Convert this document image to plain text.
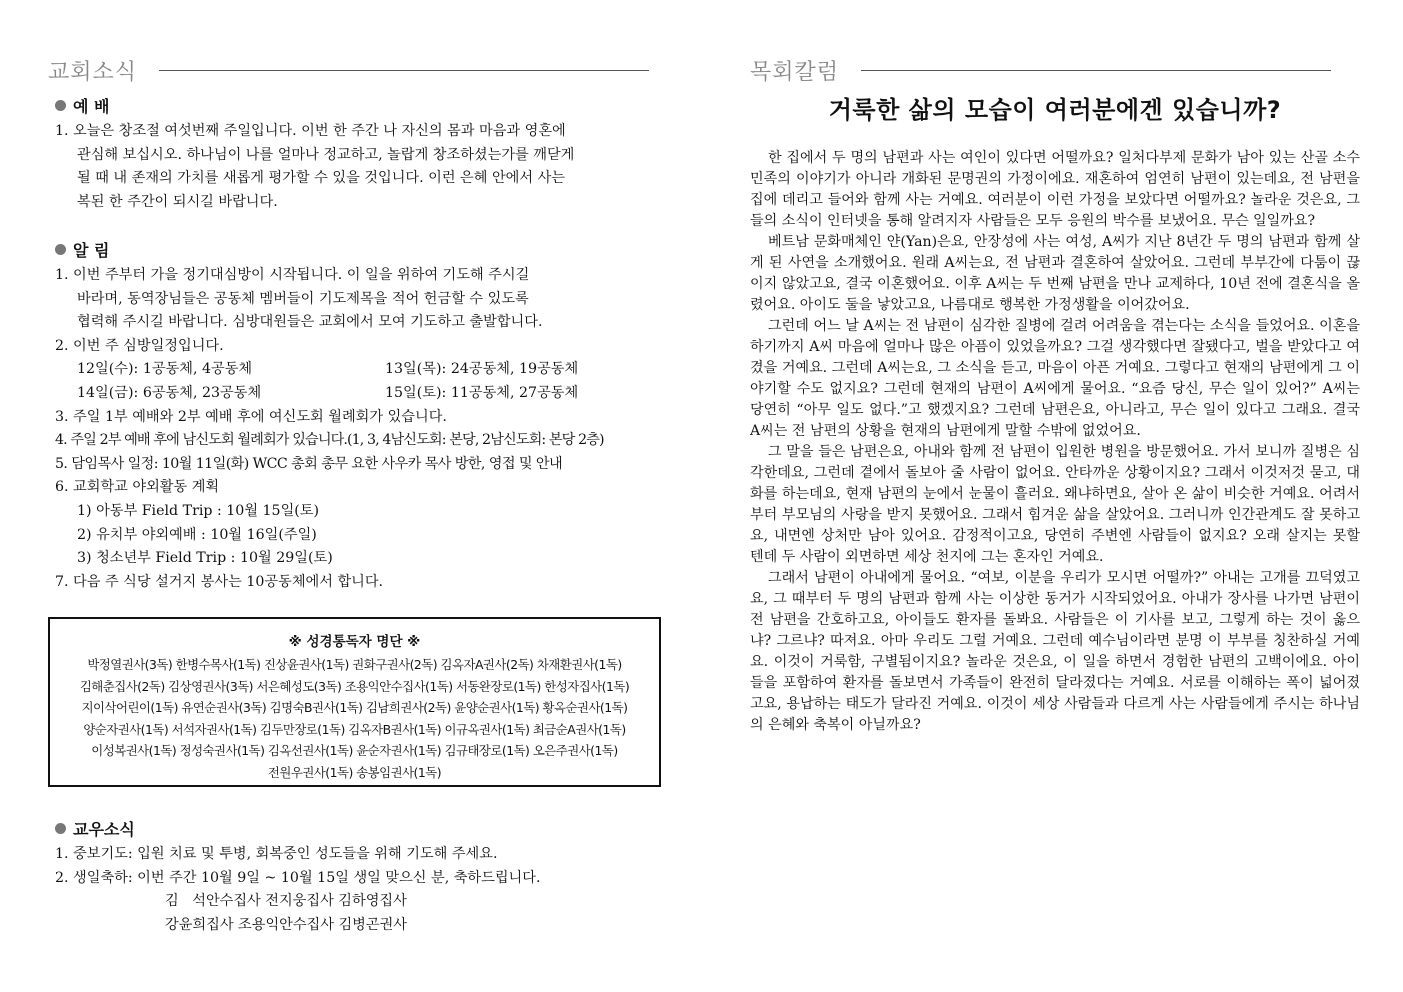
교회소식
예 배

1. 오늘은 창조절 여섯번째 주일입니다. 이번 한 주간 나 자신의 몸과 마음과 영혼에

관심해 보십시오. 하나님이 나를 얼마나 정교하고, 놀랍게 창조하셨는가를 깨닫게

될 때 내 존재의 가치를 새롭게 평가할 수 있을 것입니다. 이런 은혜 안에서 사는

복된 한 주간이 되시길 바랍니다.

알 림

1. 이번 주부터 가을 정기대심방이 시작됩니다. 이 일을 위하여 기도해 주시길

바라며, 동역장님들은 공동체 멤버들이 기도제목을 적어 헌금할 수 있도록

협력해 주시길 바랍니다. 심방대원들은 교회에서 모여 기도하고 출발합니다.

2. 이번 주 심방일정입니다.

12일(수): 1공동체, 4공동체	13일(목): 24공동체, 19공동체
14일(금): 6공동체, 23공동체	15일(토): 11공동체, 27공동체

3. 주일 1부 예배와 2부 예배 후에 여신도회 월례회가 있습니다.

4. 주일 2부 예배 후에 남신도회 월례회가 있습니다.(1, 3, 4남신도회: 본당, 2남신도회: 본당 2층)

5. 담임목사 일정: 10월 11일(화) WCC 총회 총무 요한 사우카 목사 방한, 영접 및 안내

6. 교회학교 야외활동 계획

1) 아동부 Field Trip : 10월 15일(토)

2) 유치부 야외예배 : 10월 16일(주일)

3) 청소년부 Field Trip : 10월 29일(토)

7. 다음 주 식당 설거지 봉사는 10공동체에서 합니다.

※ 성경통독자 명단 ※
박정열권사(3독) 한병수목사(1독) 진상윤권사(1독) 권화구권사(2독) 김옥자A권사(2독) 차재환권사(1독)
김해춘집사(2독) 김상영권사(3독) 서은혜성도(3독) 조용익안수집사(1독) 서동완장로(1독) 한성자집사(1독)
지이삭어린이(1독) 유연순권사(3독) 김명숙B권사(1독) 김남희권사(2독) 윤양순권사(1독) 황옥순권사(1독)
양순자권사(1독) 서석자권사(1독) 김두만장로(1독) 김옥자B권사(1독) 이규옥권사(1독) 최금순A권사(1독)
이성복권사(1독) 정성숙권사(1독) 김옥선권사(1독) 윤순자권사(1독) 김규태장로(1독) 오은주권사(1독)
전원우권사(1독) 송봉임권사(1독)
교우소식

1. 중보기도: 입원 치료 및 투병, 회복중인 성도들을 위해 기도해 주세요.

2. 생일축하: 이번 주간 10월 9일 ~ 10월 15일 생일 맞으신 분, 축하드립니다.

김   석안수집사 전지웅집사 김하영집사

강윤희집사 조용익안수집사 김병곤권사

목회칼럼
거룩한 삶의 모습이 여러분에겐 있습니까?

한 집에서 두 명의 남편과 사는 여인이 있다면 어떨까요? 일처다부제 문화가 남아 있는 산골 소수민족의 이야기가 아니라 개화된 문명권의 가정이에요. 재혼하여 엄연히 남편이 있는데요, 전 남편을 집에 데리고 들어와 함께 사는 거예요. 여러분이 이런 가정을 보았다면 어떨까요? 놀라운 것은요, 그들의 소식이 인터넷을 통해 알려지자 사람들은 모두 응원의 박수를 보냈어요. 무슨 일일까요?

베트남 문화매체인 얀(Yan)은요, 안장성에 사는 여성, A씨가 지난 8년간 두 명의 남편과 함께 살게 된 사연을 소개했어요. 원래 A씨는요, 전 남편과 결혼하여 살았어요. 그런데 부부간에 다툼이 끊이지 않았고요, 결국 이혼했어요. 이후 A씨는 두 번째 남편을 만나 교제하다, 10년 전에 결혼식을 올렸어요. 아이도 둘을 낳았고요, 나름대로 행복한 가정생활을 이어갔어요.

그런데 어느 날 A씨는 전 남편이 심각한 질병에 걸려 어려움을 겪는다는 소식을 들었어요. 이혼을 하기까지 A씨 마음에 얼마나 많은 아픔이 있었을까요? 그걸 생각했다면 잘됐다고, 벌을 받았다고 여겼을 거예요. 그런데 A씨는요, 그 소식을 듣고, 마음이 아픈 거예요. 그렇다고 현재의 남편에게 그 이야기할 수도 없지요? 그런데 현재의 남편이 A씨에게 물어요. “요즘 당신, 무슨 일이 있어?” A씨는 당연히 “아무 일도 없다.”고 했겠지요? 그런데 남편은요, 아니라고, 무슨 일이 있다고 그래요. 결국 A씨는 전 남편의 상황을 현재의 남편에게 말할 수밖에 없었어요.

그 말을 들은 남편은요, 아내와 함께 전 남편이 입원한 병원을 방문했어요. 가서 보니까 질병은 심각한데요, 그런데 곁에서 돌보아 줄 사람이 없어요. 안타까운 상황이지요? 그래서 이것저것 묻고, 대화를 하는데요, 현재 남편의 눈에서 눈물이 흘러요. 왜냐하면요, 살아 온 삶이 비슷한 거예요. 어려서부터 부모님의 사랑을 받지 못했어요. 그래서 힘겨운 삶을 살았어요. 그러니까 인간관계도 잘 못하고요, 내면엔 상처만 남아 있어요. 감정적이고요, 당연히 주변엔 사람들이 없지요? 오래 살지는 못할 텐데 두 사람이 외면하면 세상 천지에 그는 혼자인 거예요.

그래서 남편이 아내에게 물어요. “여보, 이분을 우리가 모시면 어떨까?” 아내는 고개를 끄덕였고요, 그 때부터 두 명의 남편과 함께 사는 이상한 동거가 시작되었어요. 아내가 장사를 나가면 남편이 전 남편을 간호하고요, 아이들도 환자를 돌봐요. 사람들은 이 기사를 보고, 그렇게 하는 것이 옳으냐? 그르냐? 따져요. 아마 우리도 그럴 거예요. 그런데 예수님이라면 분명 이 부부를 칭찬하실 거예요. 이것이 거룩함, 구별됨이지요? 놀라운 것은요, 이 일을 하면서 경험한 남편의 고백이에요. 아이들을 포함하여 환자를 돌보면서 가족들이 완전히 달라졌다는 거예요. 서로를 이해하는 폭이 넓어졌고요, 용납하는 태도가 달라진 거예요. 이것이 세상 사람들과 다르게 사는 사람들에게 주시는 하나님의 은혜와 축복이 아닐까요?
